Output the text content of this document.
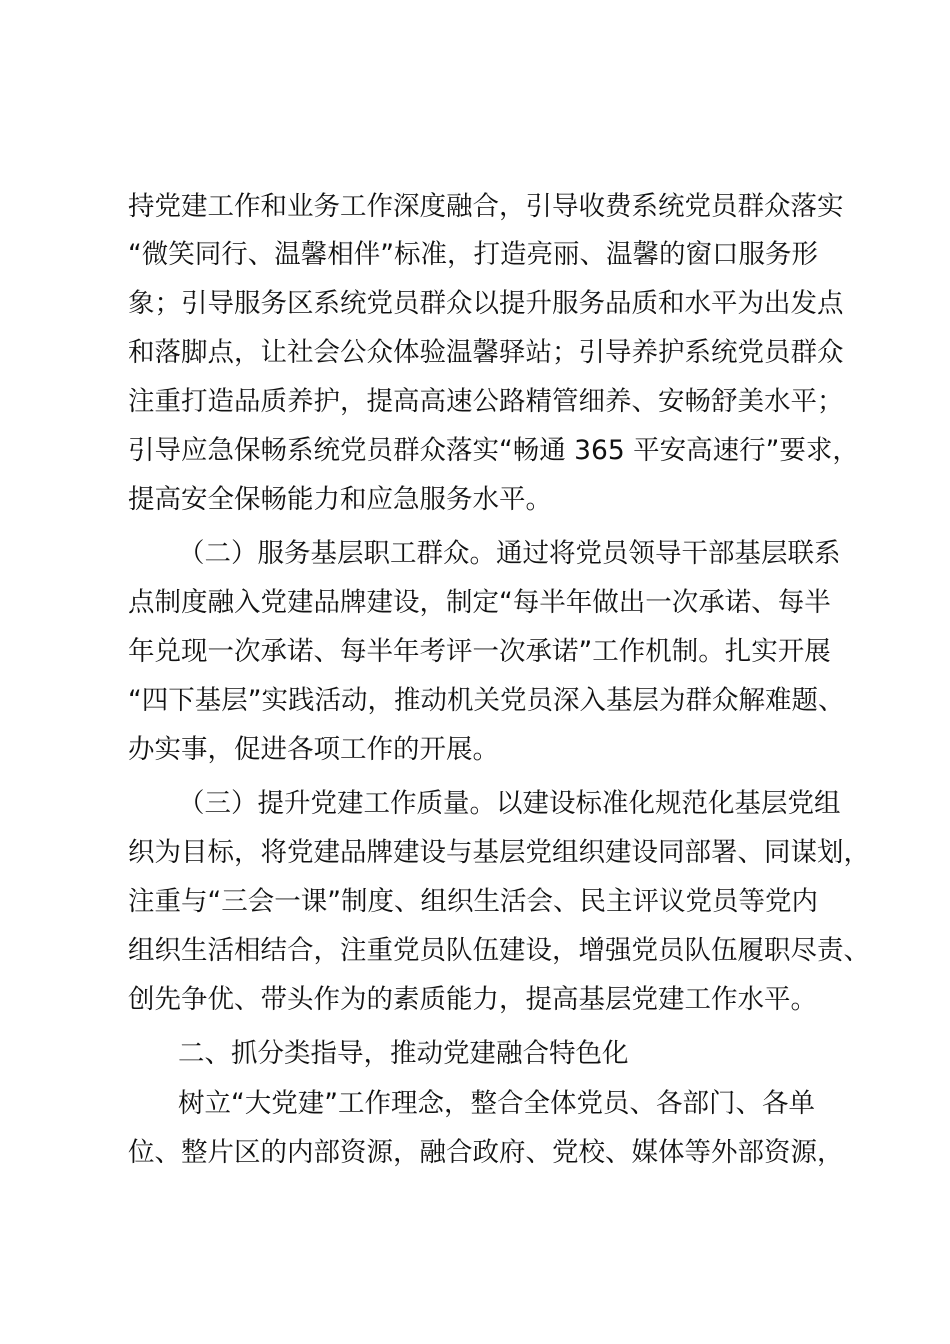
持党建工作和业务工作深度融合，引导收费系统党员群众落实
“微笑同行、温馨相伴”标准，打造亮丽、温馨的窗口服务形
象；引导服务区系统党员群众以提升服务品质和水平为出发点
和落脚点，让社会公众体验温馨驿站；引导养护系统党员群众
注重打造品质养护，提高高速公路精管细养、安畅舒美水平；
引导应急保畅系统党员群众落实“畅通 365 平安高速行”要求，
提高安全保畅能力和应急服务水平。
（二）服务基层职工群众。通过将党员领导干部基层联系
点制度融入党建品牌建设，制定“每半年做出一次承诺、每半
年兑现一次承诺、每半年考评一次承诺”工作机制。扎实开展
“四下基层”实践活动，推动机关党员深入基层为群众解难题、
办实事，促进各项工作的开展。
（三）提升党建工作质量。以建设标准化规范化基层党组
织为目标，将党建品牌建设与基层党组织建设同部署、同谋划，
注重与“三会一课”制度、组织生活会、民主评议党员等党内
组织生活相结合，注重党员队伍建设，增强党员队伍履职尽责、
创先争优、带头作为的素质能力，提高基层党建工作水平。
二、抓分类指导，推动党建融合特色化
树立“大党建”工作理念，整合全体党员、各部门、各单
位、整片区的内部资源，融合政府、党校、媒体等外部资源，
